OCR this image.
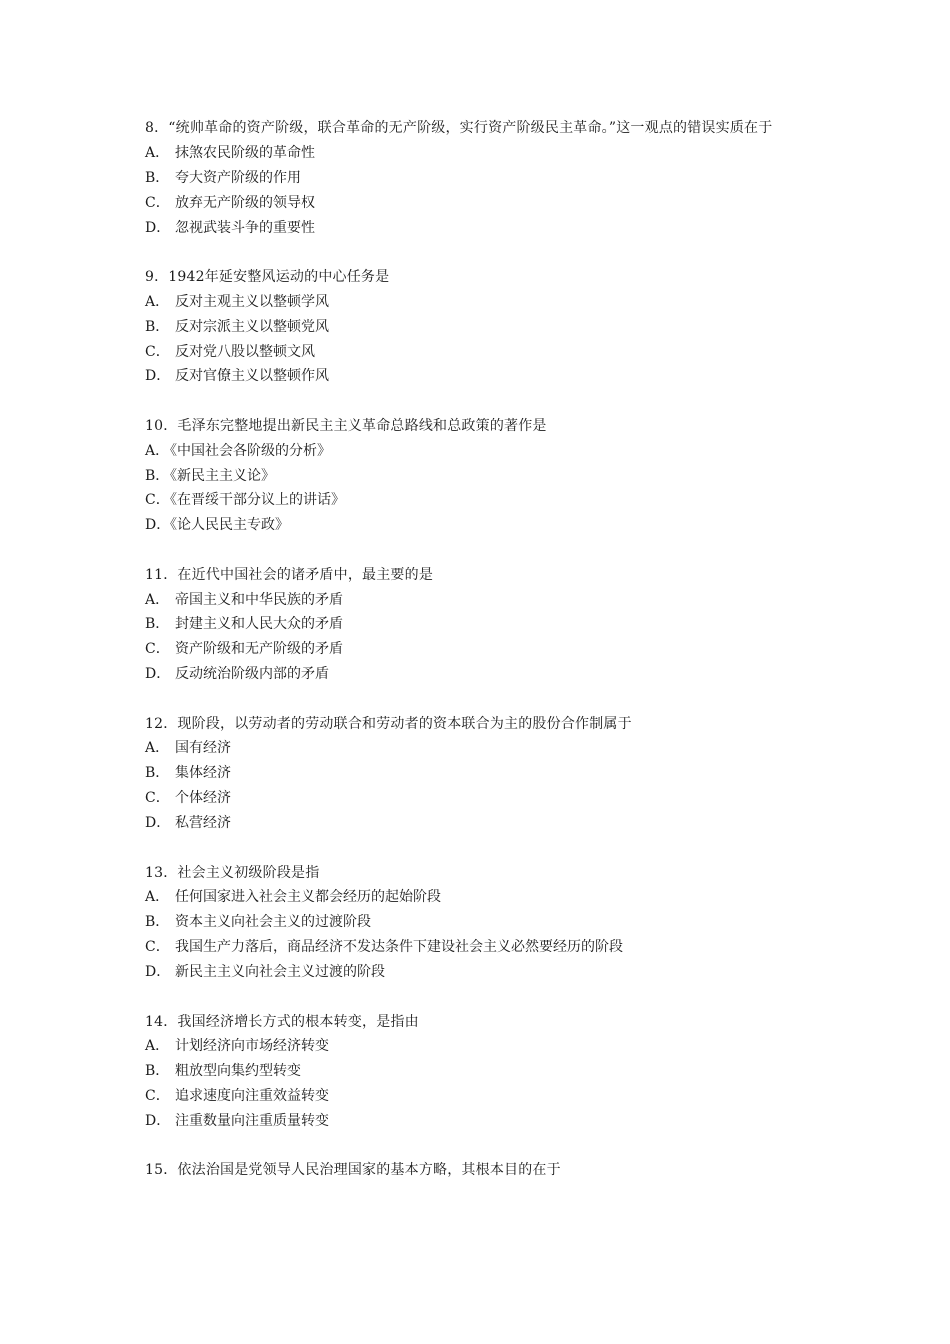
8．“统帅革命的资产阶级，联合革命的无产阶级，实行资产阶级民主革命。”这一观点的错误实质在于

A． 抹煞农民阶级的革命性
B． 夸大资产阶级的作用
C． 放弃无产阶级的领导权
D． 忽视武装斗争的重要性

9．1942年延安整风运动的中心任务是

A． 反对主观主义以整顿学风
B． 反对宗派主义以整顿党风
C． 反对党八股以整顿文风
D． 反对官僚主义以整顿作风

10．毛泽东完整地提出新民主主义革命总路线和总政策的著作是

A．
《中国社会各阶级的分析》
B．
《新民主主义论》
C．
《在晋绥干部分议上的讲话》
D．
《论人民民主专政》

11．在近代中国社会的诸矛盾中，最主要的是

A． 帝国主义和中华民族的矛盾
B． 封建主义和人民大众的矛盾
C． 资产阶级和无产阶级的矛盾
D． 反动统治阶级内部的矛盾

12．现阶段，以劳动者的劳动联合和劳动者的资本联合为主的股份合作制属于

A． 国有经济
B． 集体经济
C． 个体经济
D． 私营经济

13．社会主义初级阶段是指

A． 任何国家进入社会主义都会经历的起始阶段
B． 资本主义向社会主义的过渡阶段
C． 我国生产力落后，商品经济不发达条件下建设社会主义必然要经历的阶段
D． 新民主主义向社会主义过渡的阶段

14．我国经济增长方式的根本转变，是指由

A． 计划经济向市场经济转变
B． 粗放型向集约型转变
C． 追求速度向注重效益转变
D． 注重数量向注重质量转变

15．依法治国是党领导人民治理国家的基本方略，其根本目的在于
